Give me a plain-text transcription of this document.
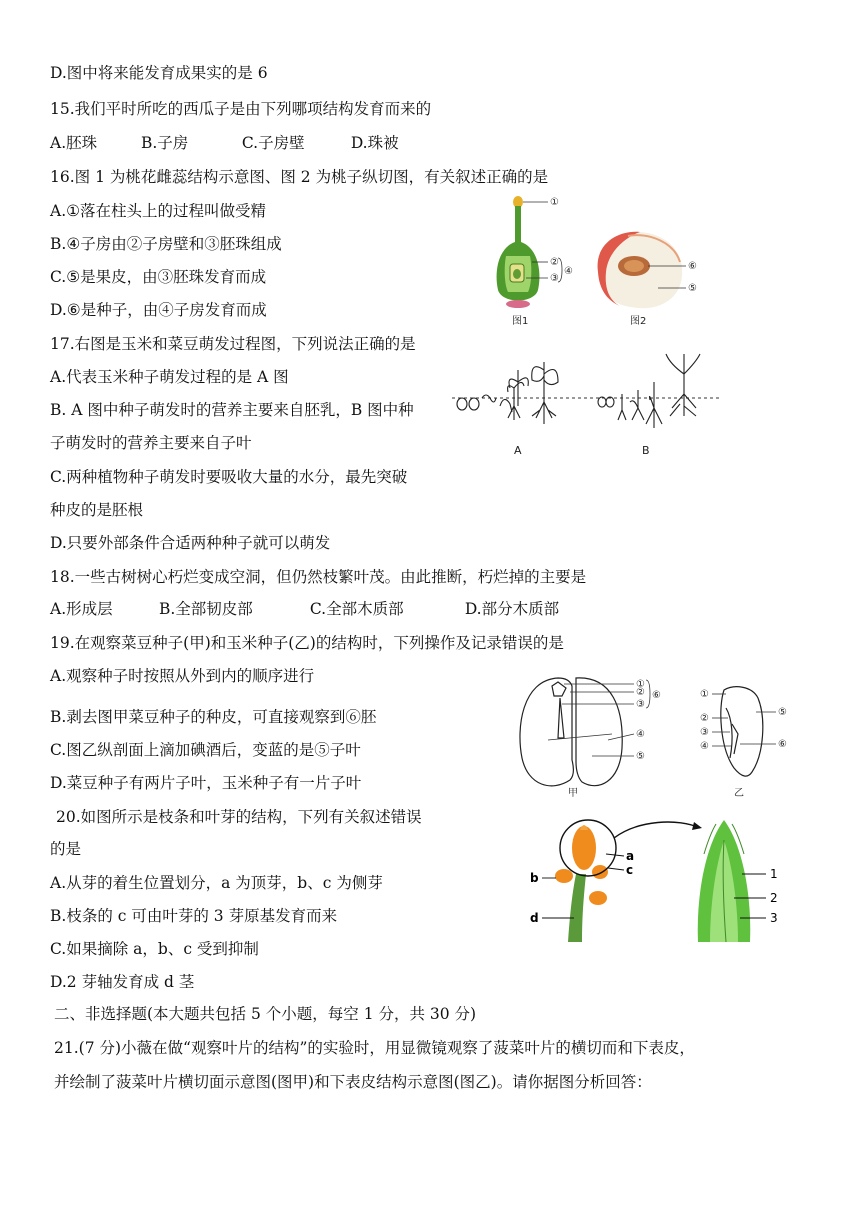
D.图中将来能发育成果实的是 6
15.我们平时所吃的西瓜子是由下列哪项结构发育而来的
A.胚珠	B.子房	C.子房壁	D.珠被
16.图 1 为桃花雌蕊结构示意图、图 2 为桃子纵切图，有关叙述正确的是
A.①落在柱头上的过程叫做受精
B.④子房由②子房壁和③胚珠组成
C.⑤是果皮，由③胚珠发育而成
D.⑥是种子，由④子房发育而成
17.右图是玉米和菜豆萌发过程图，下列说法正确的是
A.代表玉米种子萌发过程的是 A 图
B. A 图中种子萌发时的营养主要来自胚乳，B 图中种
子萌发时的营养主要来自子叶
C.两种植物种子萌发时要吸收大量的水分，最先突破
种皮的是胚根
D.只要外部条件合适两种种子就可以萌发
18.一些古树树心朽烂变成空洞，但仍然枝繁叶茂。由此推断，朽烂掉的主要是
A.形成层	B.全部韧皮部	C.全部木质部	D.部分木质部
19.在观察菜豆种子(甲)和玉米种子(乙)的结构时，下列操作及记录错误的是
A.观察种子时按照从外到内的顺序进行
B.剥去图甲菜豆种子的种皮，可直接观察到⑥胚
C.图乙纵剖面上滴加碘酒后，变蓝的是⑤子叶
D.菜豆种子有两片子叶，玉米种子有一片子叶
20.如图所示是枝条和叶芽的结构，下列有关叙述错误
的是
A.从芽的着生位置划分，a 为顶芽，b、c 为侧芽
B.枝条的 c 可由叶芽的 3 芽原基发育而来
C.如果摘除 a，b、c 受到抑制
D.2 芽轴发育成 d 茎
二、非选择题(本大题共包括 5 个小题，每空 1 分，共 30 分)
21.(7 分)小薇在做“观察叶片的结构”的实验时，用显微镜观察了菠菜叶片的横切而和下表皮，
并绘制了菠菜叶片横切面示意图(图甲)和下表皮结构示意图(图乙)。请你据图分析回答：
①
②
③
④
图1
⑥
⑤
图2
A	B
①
②
③
④
⑤
⑥
甲
①
②
③
④
⑤
⑥
乙
a
b
c
d
1
2
3
